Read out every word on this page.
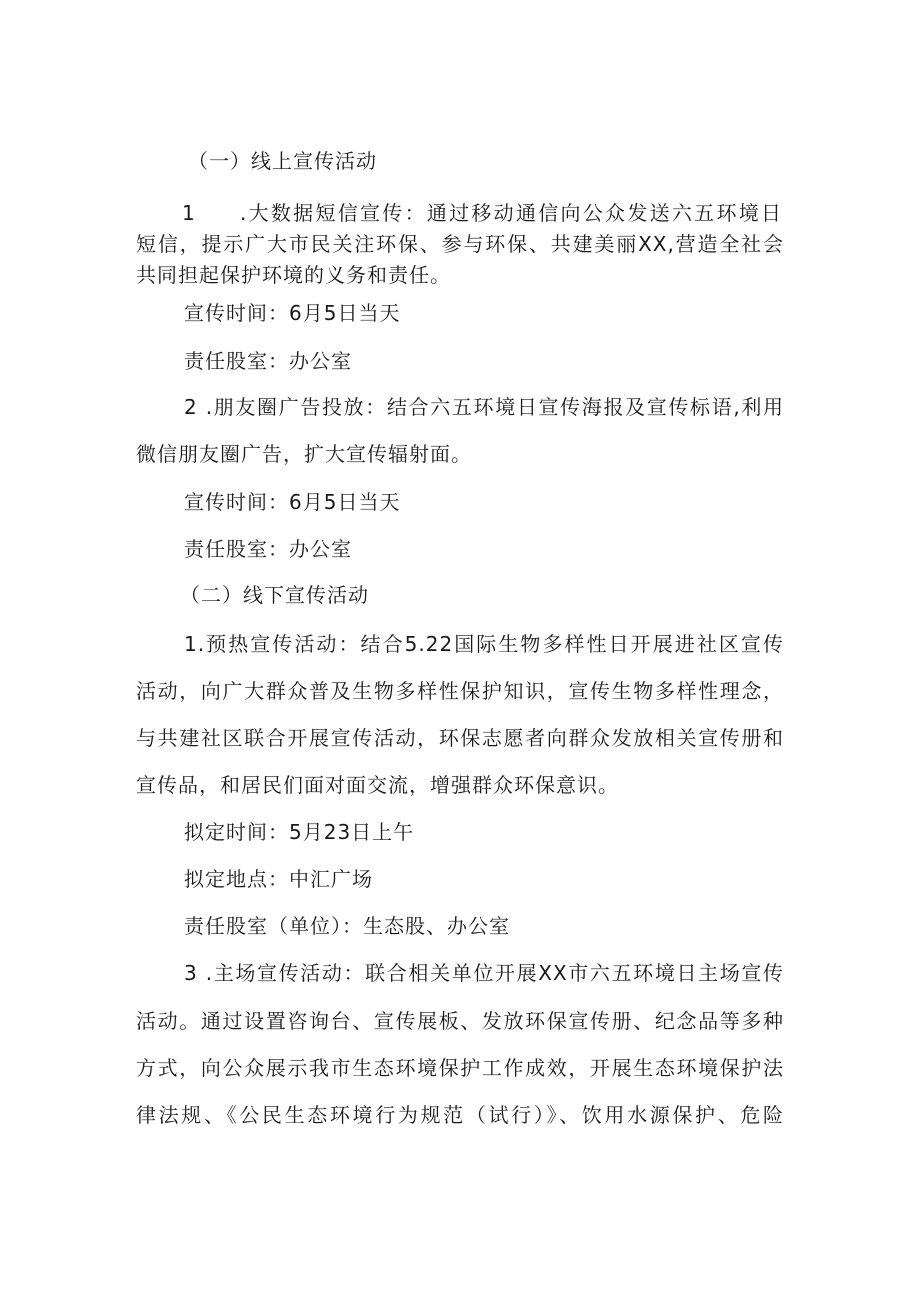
（一）线上宣传活动
1 .大数据短信宣传：通过移动通信向公众发送六五环境日
短信，提示广大市民关注环保、参与环保、共建美丽XX,营造全社会
共同担起保护环境的义务和责任。
宣传时间：6月5日当天
责任股室：办公室
2 .朋友圈广告投放：结合六五环境日宣传海报及宣传标语,利用
微信朋友圈广告，扩大宣传辐射面。
宣传时间：6月5日当天
责任股室：办公室
（二）线下宣传活动
1.预热宣传活动：结合5.22国际生物多样性日开展进社区宣传
活动，向广大群众普及生物多样性保护知识，宣传生物多样性理念，
与共建社区联合开展宣传活动，环保志愿者向群众发放相关宣传册和
宣传品，和居民们面对面交流，增强群众环保意识。
拟定时间：5月23日上午
拟定地点：中汇广场
责任股室（单位）：生态股、办公室
3 .主场宣传活动：联合相关单位开展XX市六五环境日主场宣传
活动。通过设置咨询台、宣传展板、发放环保宣传册、纪念品等多种
方式，向公众展示我市生态环境保护工作成效，开展生态环境保护法
律法规、《公民生态环境行为规范（试行）》、饮用水源保护、危险
